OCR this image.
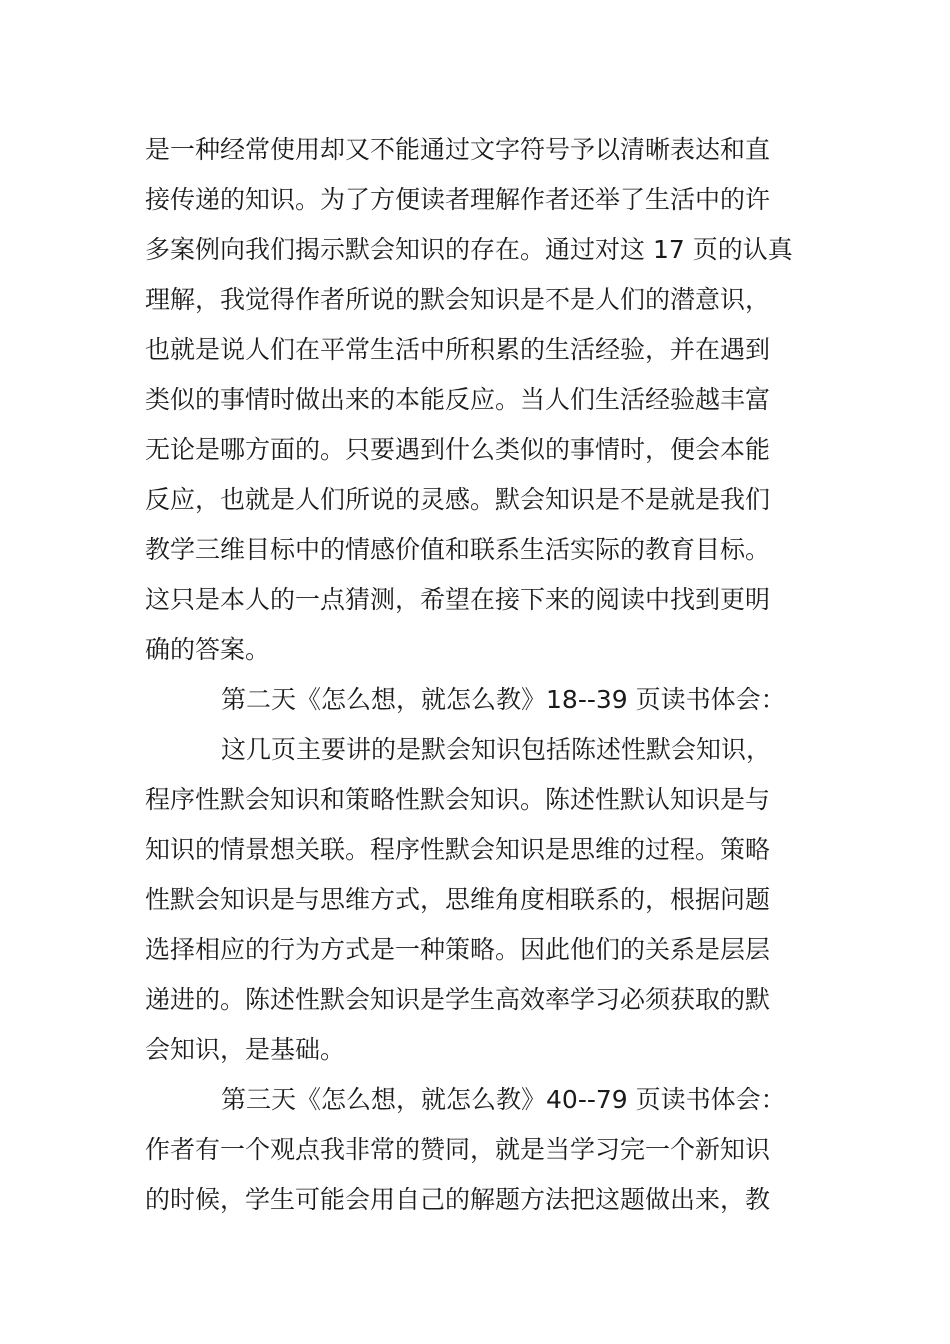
是一种经常使用却又不能通过文字符号予以清晰表达和直
接传递的知识。为了方便读者理解作者还举了生活中的许
多案例向我们揭示默会知识的存在。通过对这 17 页的认真
理解，我觉得作者所说的默会知识是不是人们的潜意识，
也就是说人们在平常生活中所积累的生活经验，并在遇到
类似的事情时做出来的本能反应。当人们生活经验越丰富
无论是哪方面的。只要遇到什么类似的事情时，便会本能
反应，也就是人们所说的灵感。默会知识是不是就是我们
教学三维目标中的情感价值和联系生活实际的教育目标。
这只是本人的一点猜测，希望在接下来的阅读中找到更明
确的答案。
第二天《怎么想，就怎么教》18--39 页读书体会：
这几页主要讲的是默会知识包括陈述性默会知识，
程序性默会知识和策略性默会知识。陈述性默认知识是与
知识的情景想关联。程序性默会知识是思维的过程。策略
性默会知识是与思维方式，思维角度相联系的，根据问题
选择相应的行为方式是一种策略。因此他们的关系是层层
递进的。陈述性默会知识是学生高效率学习必须获取的默
会知识，是基础。
第三天《怎么想，就怎么教》40--79 页读书体会：
作者有一个观点我非常的赞同，就是当学习完一个新知识
的时候，学生可能会用自己的解题方法把这题做出来，教
